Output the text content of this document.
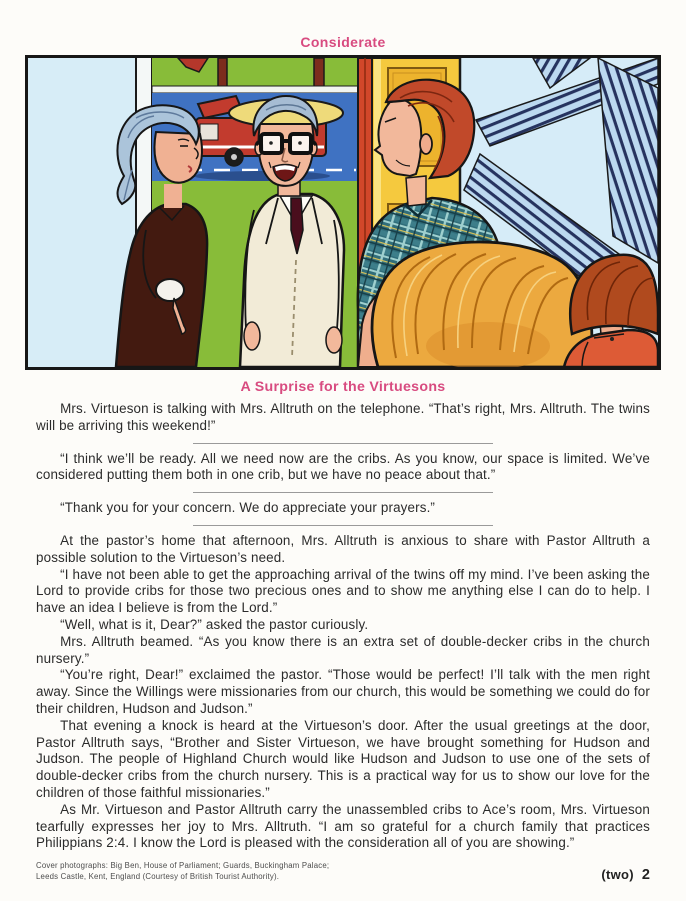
Considerate
A Surprise for the Virtuesons

Mrs. Virtueson is talking with Mrs. Alltruth on the telephone. “That’s right, Mrs. Alltruth. The twins will be arriving this weekend!”

“I think we’ll be ready. All we need now are the cribs. As you know, our space is limited. We’ve considered putting them both in one crib, but we have no peace about that.”

“Thank you for your concern. We do appreciate your prayers.”

At the pastor’s home that afternoon, Mrs. Alltruth is anxious to share with Pastor Alltruth a possible solution to the Virtueson’s need.

“I have not been able to get the approaching arrival of the twins off my mind. I’ve been asking the Lord to provide cribs for those two precious ones and to show me anything else I can do to help. I have an idea I believe is from the Lord.”

“Well, what is it, Dear?” asked the pastor curiously.

Mrs. Alltruth beamed. “As you know there is an extra set of double-decker cribs in the church nursery.”

“You’re right, Dear!” exclaimed the pastor. “Those would be perfect! I’ll talk with the men right away. Since the Willings were missionaries from our church, this would be something we could do for their children, Hudson and Judson.”

That evening a knock is heard at the Virtueson’s door. After the usual greetings at the door, Pastor Alltruth says, “Brother and Sister Virtueson, we have brought something for Hudson and Judson. The people of Highland Church would like Hudson and Judson to use one of the sets of double-decker cribs from the church nursery. This is a practical way for us to show our love for the children of those faithful missionaries.”

As Mr. Virtueson and Pastor Alltruth carry the unassembled cribs to Ace’s room, Mrs. Virtueson tearfully expresses her joy to Mrs. Alltruth. “I am so grateful for a church family that practices Philippians 2:4. I know the Lord is pleased with the consideration all of you are showing.”

Cover photographs: Big Ben, House of Parliament; Guards, Buckingham Palace;
Leeds Castle, Kent, England (Courtesy of British Tourist Authority).	(two) 2
